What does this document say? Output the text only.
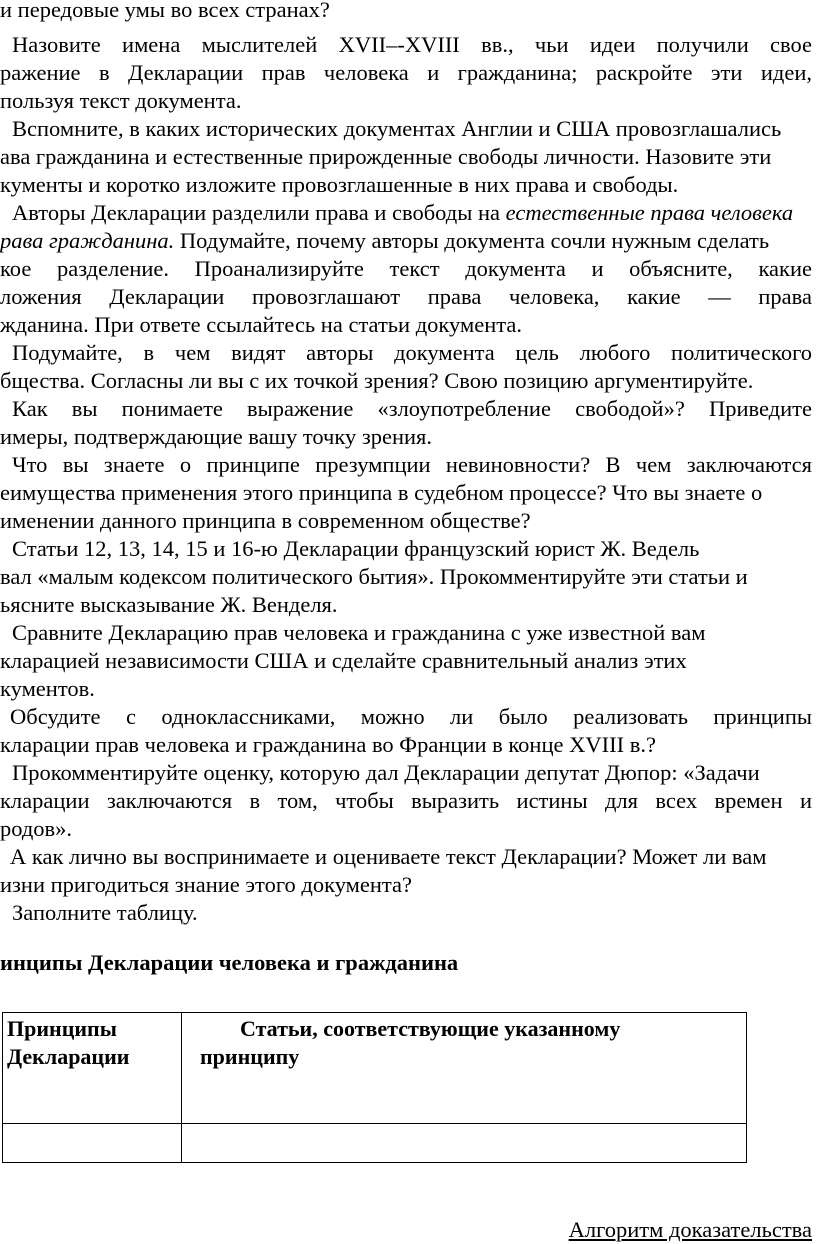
и передовые умы во всех странах?
Назовите имена мыслителей XVII–-XVIII вв., чьи идеи получили свое
ражение в Декларации прав человека и гражданина; раскройте эти идеи,
пользуя текст документа.
Вспомните, в каких исторических документах Англии и США провозглашались
ава гражданина и естественные прирожденные свободы личности. Назовите эти
кументы и коротко изложите провозглашенные в них права и свободы.
Авторы Декларации разделили права и свободы на естественные права человека
рава гражданина. Подумайте, почему авторы документа сочли нужным сделать
кое разделение. Проанализируйте текст документа и объясните, какие
ложения Декларации провозглашают права человека, какие — права
жданина. При ответе ссылайтесь на статьи документа.
Подумайте, в чем видят авторы документа цель любого политического
бщества. Согласны ли вы с их точкой зрения? Свою позицию аргументируйте.
Как вы понимаете выражение «злоупотребление свободой»? Приведите
имеры, подтверждающие вашу точку зрения.
Что вы знаете о принципе презумпции невиновности? В чем заключаются
еимущества применения этого принципа в судебном процессе? Что вы знаете о
именении данного принципа в современном обществе?
Статьи 12, 13, 14, 15 и 16-ю Декларации французский юрист Ж. Ведель
вал «малым кодексом политического бытия». Прокомментируйте эти статьи и
ьясните высказывание Ж. Венделя.
Сравните Декларацию прав человека и гражданина с уже известной вам
кларацией независимости США и сделайте сравнительный анализ этих
кументов.
Обсудите с одноклассниками, можно ли было реализовать принципы
кларации прав человека и гражданина во Франции в конце XVIII в.?
Прокомментируйте оценку, которую дал Декларации депутат Дюпор: «Задачи
кларации заключаются в том, чтобы выразить истины для всех времен и
родов».
А как лично вы воспринимаете и оцениваете текст Декларации? Может ли вам
изни пригодиться знание этого документа?
Заполните таблицу.
инципы Декларации человека и гражданина
Принципы
Декларации	Статьи, соответствующие указанному
принципу

Алгоритм доказательства
